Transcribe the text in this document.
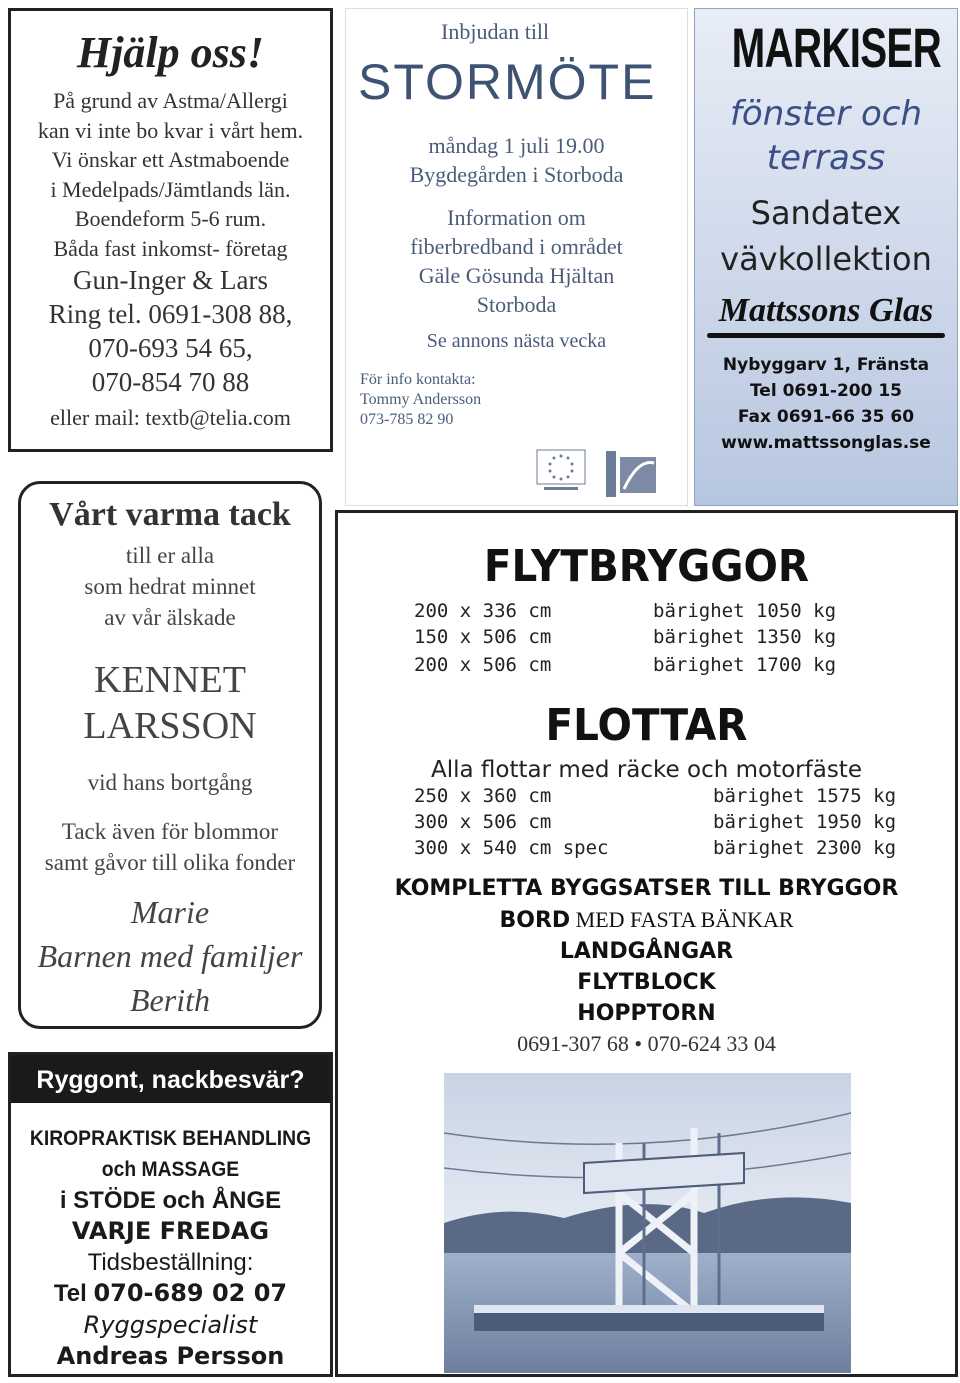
Hjälp oss!
På grund av Astma/Allergi
kan vi inte bo kvar i vårt hem.
Vi önskar ett Astmaboende
i Medelpads/Jämtlands län.
Boendeform 5-6 rum.
Båda fast inkomst- företag
Gun-Inger & Lars
Ring tel. 0691-308 88,
070-693 54 65,
070-854 70 88
eller mail: textb@telia.com
Vårt varma tack
till er alla
som hedrat minnet
av vår älskade
KENNET
LARSSON
vid hans bortgång
Tack även för blommor
samt gåvor till olika fonder
Marie
Barnen med familjer
Berith
Ryggont, nackbesvär?
KIROPRAKTISK BEHANDLING
och MASSAGE
i STÖDE och ÅNGE
VARJE FREDAG
Tidsbeställning:
Tel 070-689 02 07
Ryggspecialist
Andreas Persson
Inbjudan till
STORMÖTE
måndag 1 juli 19.00
Bygdegården i Storboda
Information om
fiberbredband i området
Gäle Gösunda Hjältan
Storboda
Se annons nästa vecka
För info kontakta:
Tommy Andersson
073-785 82 90
MARKISER
fönster och
terrass
Sandatex
vävkollektion
Mattssons Glas
Nybyggarv 1, Fränsta
Tel 0691-200 15
Fax 0691-66 35 60
www.mattssonglas.se
FLYTBRYGGOR
200 x 336 cm	bärighet 1050 kg
150 x 506 cm	bärighet 1350 kg
200 x 506 cm	bärighet 1700 kg
FLOTTAR
Alla flottar med räcke och motorfäste
250 x 360 cm	bärighet 1575 kg
300 x 506 cm	bärighet 1950 kg
300 x 540 cm spec	bärighet 2300 kg
KOMPLETTA BYGGSATSER TILL BRYGGOR
BORD MED FASTA BÄNKAR
LANDGÅNGAR
FLYTBLOCK
HOPPTORN
0691-307 68 • 070-624 33 04
